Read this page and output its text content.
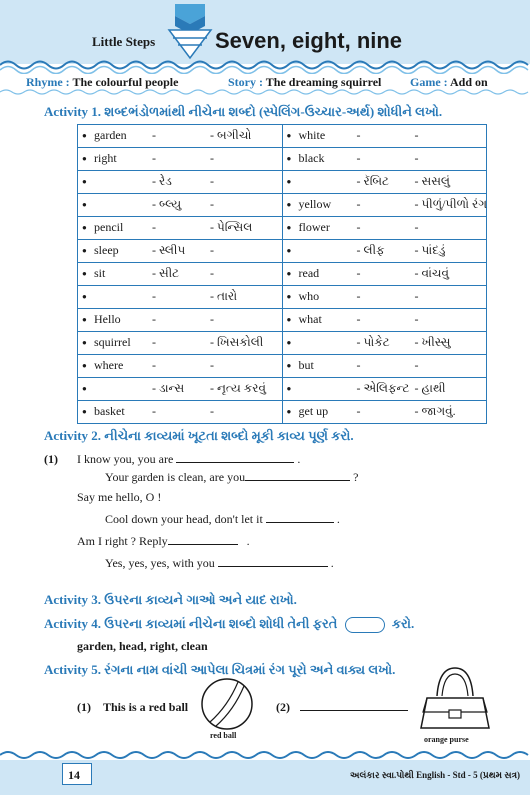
Little Steps	Seven, eight, nine
Rhyme : The colourful people	Story : The dreaming squirrel Game : Add on
Activity 1. શબ્દભંડોળમાંથી નીચેના શબ્દો (સ્પેલિંગ-ઉચ્ચાર-અર્થ) શોધીને લખો.
● garden - - બગીચો	● white - -

● right - -	● black - -

● - રેડ -	● - રૅબિટ - સસલું

● - બ્લ્યુ -	● yellow - - પીળું/પીળો રંગ

● pencil - - પેન્સિલ	● flower - -

● sleep - સ્લીપ -	● - લીફ - પાંદડું

● sit - સીટ -	● read - - વાંચવું

● - - તારો	● who - -

● Hello - -	● what - -

● squirrel - - ખિસકોલી	● - પોકેટ - ખીસ્સુ

● where - -	● but - -

● - ડાન્સ - નૃત્ય કરવું	● - એલિફન્ટ - હાથી

● basket - -	● get up - - જાગવું.
Activity 2. નીચેના કાવ્યમાં ખૂટતા શબ્દો મૂકી કાવ્ય પૂર્ણ કરો.
(1) I know you, you are	.
Your garden is clean, are you	?
Say me hello, O !
Cool down your head, don't let it	.
Am I right ? Reply	.
Yes, yes, yes, with you	.
Activity 3. ઉપરના કાવ્યને ગાઓ અને યાદ રાખો.
Activity 4. ઉપરના કાવ્યમાં નીચેના શબ્દો શોધી તેની ફરતે	કરો.
garden, head, right, clean
Activity 5. રંગના નામ વાંચી આપેલા ચિત્રમાં રંગ પૂરો અને વાક્ય લખો.
(1) This is a red ball
red ball
(2)
orange purse
14	અલંકાર સ્વા.પોથી English - Std - 5 (પ્રથમ સત્ર)
